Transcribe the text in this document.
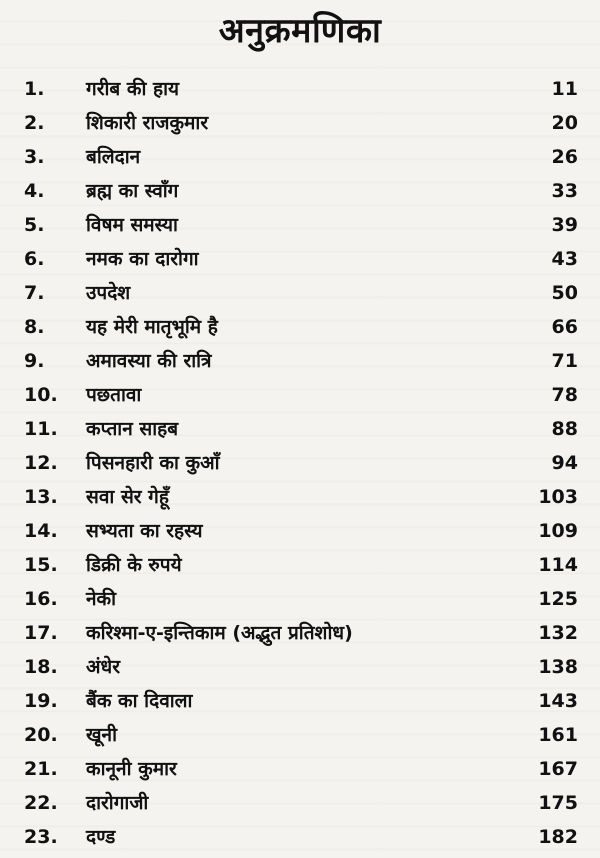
अनुक्रमणिका
1. गरीब की हाय	11
2. शिकारी राजकुमार	20
3. बलिदान	26
4. ब्रह्म का स्वाँग	33
5. विषम समस्या	39
6. नमक का दारोगा	43
7. उपदेश	50
8. यह मेरी मातृभूमि है	66
9. अमावस्या की रात्रि	71
10. पछतावा	78
11. कप्तान साहब	88
12. पिसनहारी का कुआँ	94
13. सवा सेर गेहूँ	103
14. सभ्यता का रहस्य	109
15. डिक्री के रुपये	114
16. नेकी	125
17. करिश्मा-ए-इन्तिकाम (अद्भुत प्रतिशोध)	132
18. अंधेर	138
19. बैंक का दिवाला	143
20. खूनी	161
21. कानूनी कुमार	167
22. दारोगाजी	175
23. दण्ड	182
